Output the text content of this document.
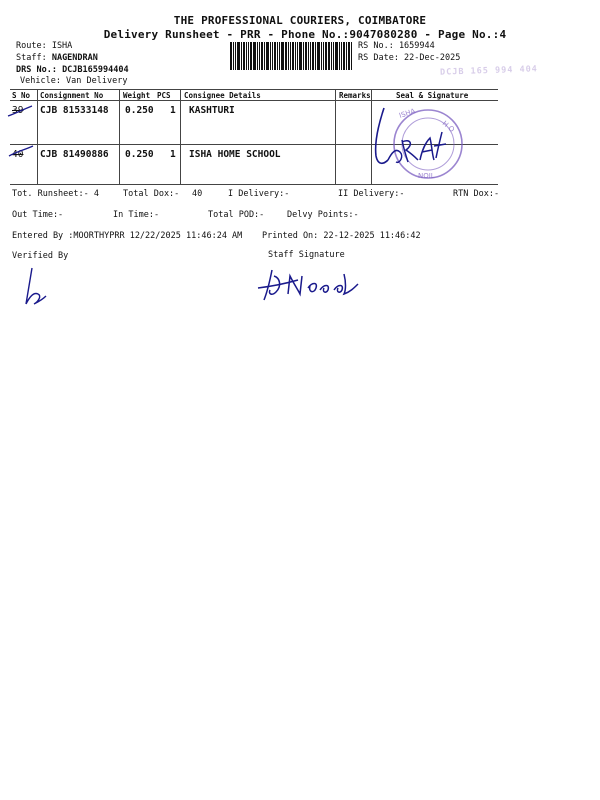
THE PROFESSIONAL COURIERS, COIMBATORE
Delivery Runsheet - PRR - Phone No.:9047080280 - Page No.:4
Route: ISHA
Staff: NAGENDRAN
DRS No.: DCJB165994404
Vehicle: Van Delivery
RS No.: 1659944
RS Date: 22-Dec-2025
DCJB 165 994 404
S No Consignment No	Weight PCS Consignee Details	Remarks	Seal & Signature
39 CJB 81533148 0.250 1 KASHTURI
40 CJB 81490886 0.250 1 ISHA HOME SCHOOL
ISHA
H O
NOIL
Tot. Runsheet:- 4	Total Dox:- 40	I Delivery:-	II Delivery:-	RTN Dox:-
Out Time:-	In Time:-	Total POD:-	Delvy Points:-
Entered By :MOORTHYPRR 12/22/2025 11:46:24 AM Printed On: 22-12-2025 11:46:42
Verified By	Staff Signature
